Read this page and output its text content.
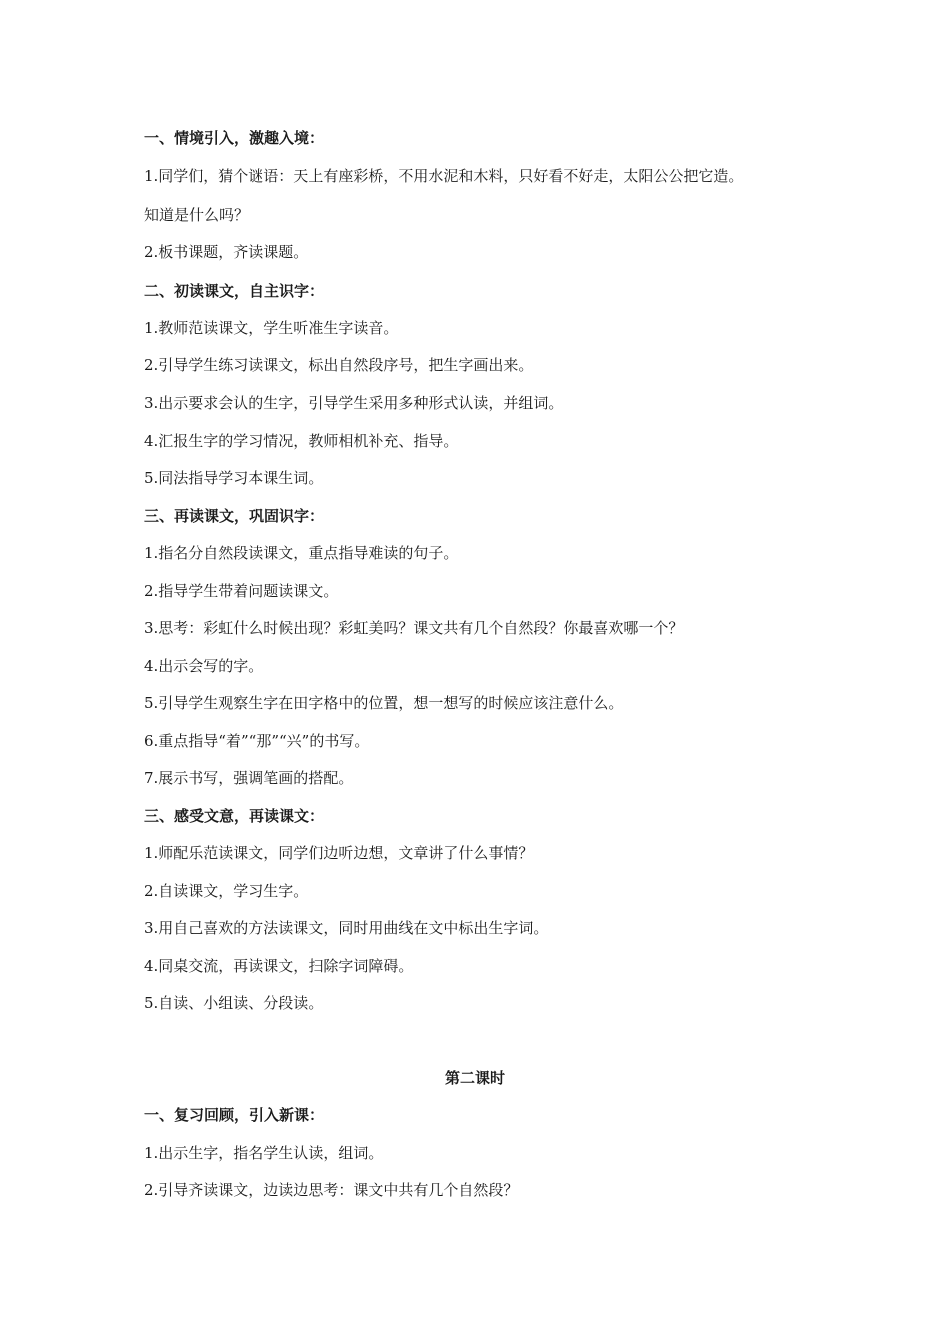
一、情境引入，激趣入境：
1.同学们，猜个谜语：天上有座彩桥，不用水泥和木料，只好看不好走，太阳公公把它造。
知道是什么吗？
2.板书课题，齐读课题。
二、初读课文，自主识字：
1.教师范读课文，学生听准生字读音。
2.引导学生练习读课文，标出自然段序号，把生字画出来。
3.出示要求会认的生字，引导学生采用多种形式认读，并组词。
4.汇报生字的学习情况，教师相机补充、指导。
5.同法指导学习本课生词。
三、再读课文，巩固识字：
1.指名分自然段读课文，重点指导难读的句子。
2.指导学生带着问题读课文。
3.思考：彩虹什么时候出现？彩虹美吗？课文共有几个自然段？你最喜欢哪一个？
4.出示会写的字。
5.引导学生观察生字在田字格中的位置，想一想写的时候应该注意什么。
6.重点指导“着”“那”“兴”的书写。
7.展示书写，强调笔画的搭配。
三、感受文意，再读课文：
1.师配乐范读课文，同学们边听边想，文章讲了什么事情？
2.自读课文，学习生字。
3.用自己喜欢的方法读课文，同时用曲线在文中标出生字词。
4.同桌交流，再读课文，扫除字词障碍。
5.自读、小组读、分段读。
第二课时
一、复习回顾，引入新课：
1.出示生字，指名学生认读，组词。
2.引导齐读课文，边读边思考：课文中共有几个自然段？
